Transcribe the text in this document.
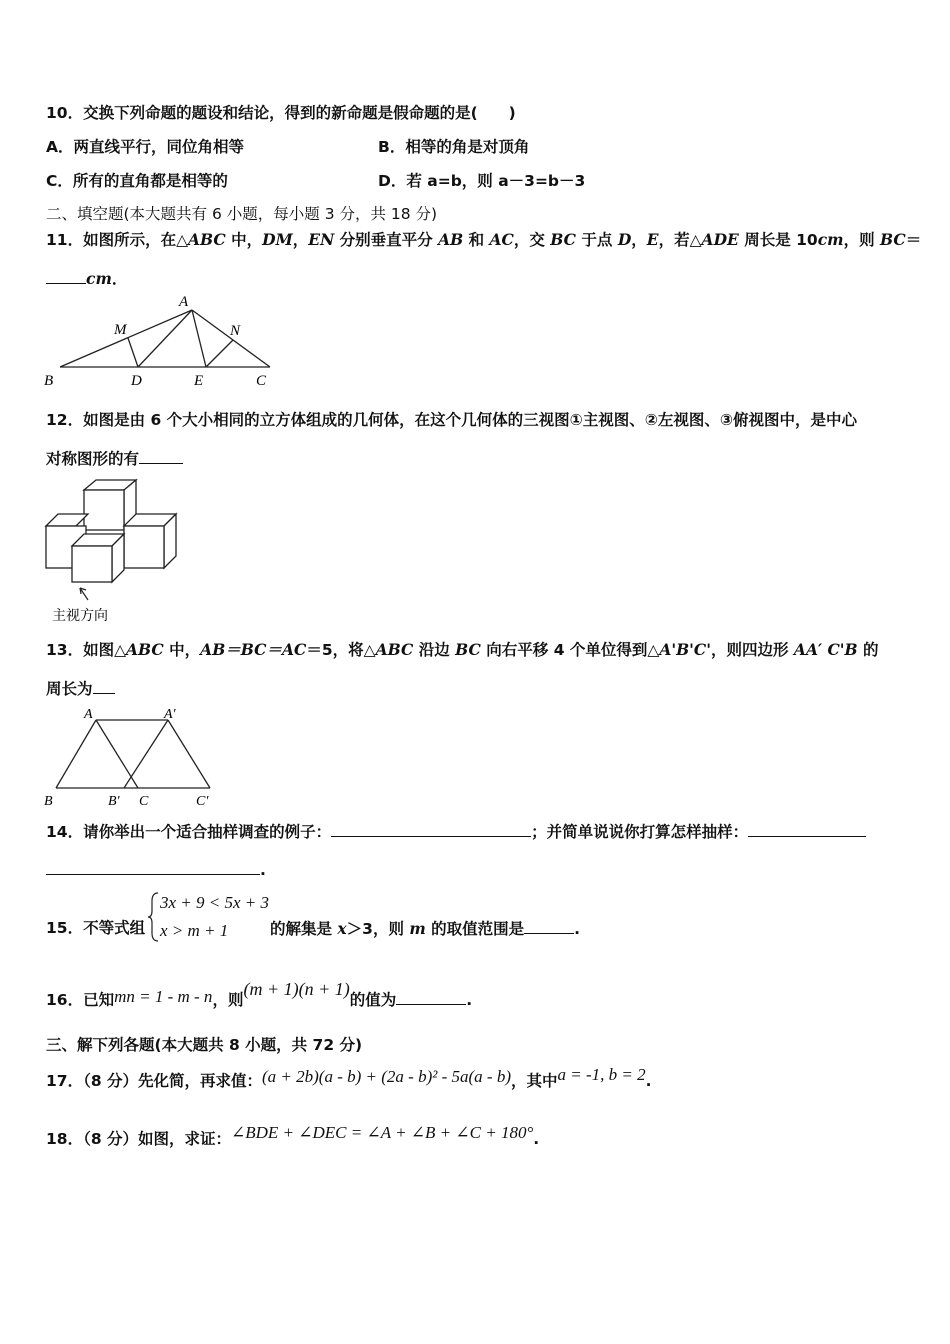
10．交换下列命题的题设和结论，得到的新命题是假命题的是(　　)
A．两直线平行，同位角相等	B．相等的角是对顶角
C．所有的直角都是相等的	D．若 a=b，则 a－3=b－3
二、填空题(本大题共有 6 小题，每小题 3 分，共 18 分)
11．如图所示，在△ABC 中，DM，EN 分别垂直平分 AB 和 AC，交 BC 于点 D，E，若△ADE 周长是 10cm，则 BC＝
cm．
A
M	N
B	D	E	C
12．如图是由 6 个大小相同的立方体组成的几何体，在这个几何体的三视图①主视图、②左视图、③俯视图中，是中心
对称图形的有
主视方向
13．如图△ABC 中，AB＝BC＝AC＝5，将△ABC 沿边 BC 向右平移 4 个单位得到△A'B'C'，则四边形 AA′ C'B 的
周长为
A	A'
B	B' C	C'
14．请你举出一个适合抽样调查的例子：	；并简单说说你打算怎样抽样：
.
15．不等式组
3x + 9 < 5x + 3
x > m + 1	的解集是 x＞3，则 m 的取值范围是	.
16．已知mn = 1 - m - n，则(m + 1)(n + 1)的值为	.
三、解下列各题(本大题共 8 小题，共 72 分)
17．（8 分）先化简，再求值：(a + 2b)(a - b) + (2a - b)² - 5a(a - b)，其中a = -1, b = 2.
18．（8 分）如图，求证：∠BDE + ∠DEC = ∠A + ∠B + ∠C + 180°.
